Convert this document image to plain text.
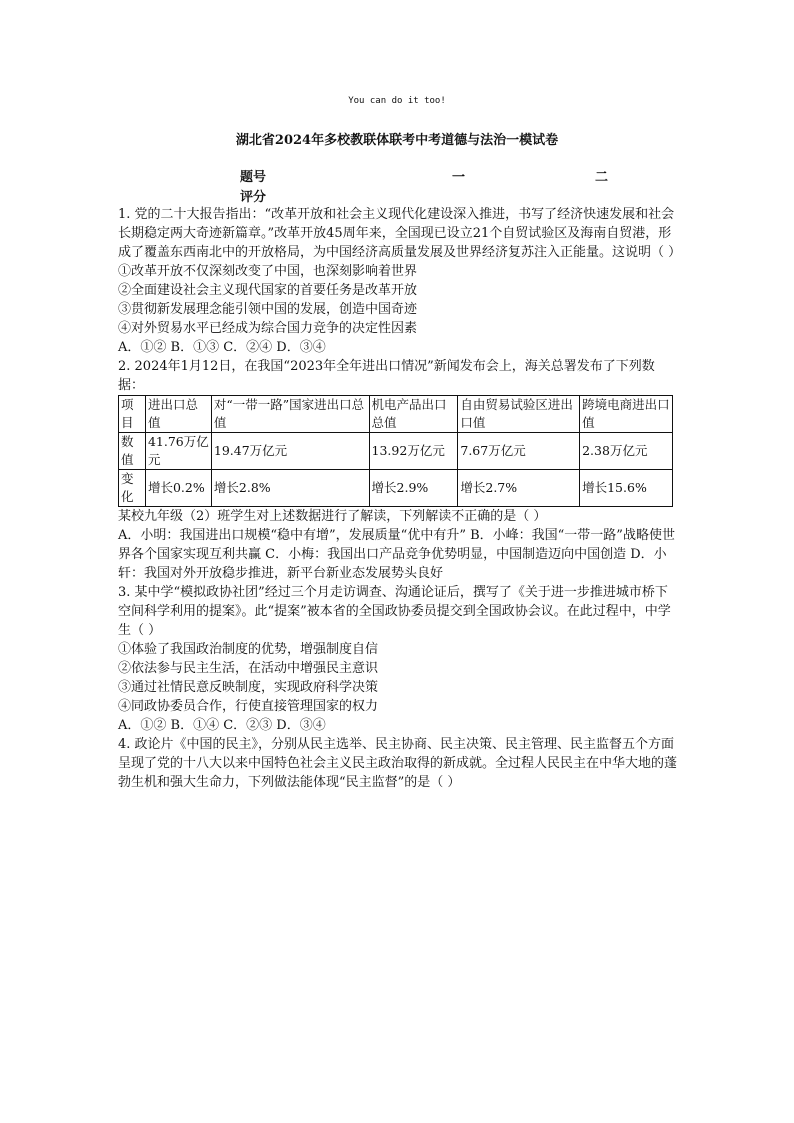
You can do it too!
湖北省2024年多校教联体联考中考道德与法治一模试卷
题号	一	二
评分

1. 党的二十大报告指出：“改革开放和社会主义现代化建设深入推进，书写了经济快速发展和社会长期稳定两大奇迹新篇章。”改革开放45周年来，全国现已设立21个自贸试验区及海南自贸港，形成了覆盖东西南北中的开放格局，为中国经济高质量发展及世界经济复苏注入正能量。这说明（ ）

①改革开放不仅深刻改变了中国，也深刻影响着世界

②全面建设社会主义现代国家的首要任务是改革开放

③贯彻新发展理念能引领中国的发展，创造中国奇迹

④对外贸易水平已经成为综合国力竞争的决定性因素

A．①② B．①③ C．②④ D．③④

2. 2024年1月12日，在我国“2023年全年进出口情况”新闻发布会上，海关总署发布了下列数据：

项目	进出口总值	对“一带一路”国家进出口总值	机电产品出口总值	自由贸易试验区进出口值	跨境电商进出口值
数值	41.76万亿元	19.47万亿元	13.92万亿元	7.67万亿元	2.38万亿元
变化	增长0.2%	增长2.8%	增长2.9%	增长2.7%	增长15.6%

某校九年级（2）班学生对上述数据进行了解读，下列解读不正确的是（ ）

A．小明：我国进出口规模“稳中有增”，发展质量“优中有升” B．小峰：我国“一带一路”战略使世界各个国家实现互利共赢 C．小梅：我国出口产品竞争优势明显，中国制造迈向中国创造 D．小轩：我国对外开放稳步推进，新平台新业态发展势头良好

3. 某中学“模拟政协社团”经过三个月走访调查、沟通论证后，撰写了《关于进一步推进城市桥下空间科学利用的提案》。此“提案”被本省的全国政协委员提交到全国政协会议。在此过程中，中学生（ ）

①体验了我国政治制度的优势，增强制度自信

②依法参与民主生活，在活动中增强民主意识

③通过社情民意反映制度，实现政府科学决策

④同政协委员合作，行使直接管理国家的权力

A．①② B．①④ C．②③ D．③④

4. 政论片《中国的民主》，分别从民主选举、民主协商、民主决策、民主管理、民主监督五个方面呈现了党的十八大以来中国特色社会主义民主政治取得的新成就。全过程人民民主在中华大地的蓬勃生机和强大生命力，下列做法能体现“民主监督”的是（ ）
